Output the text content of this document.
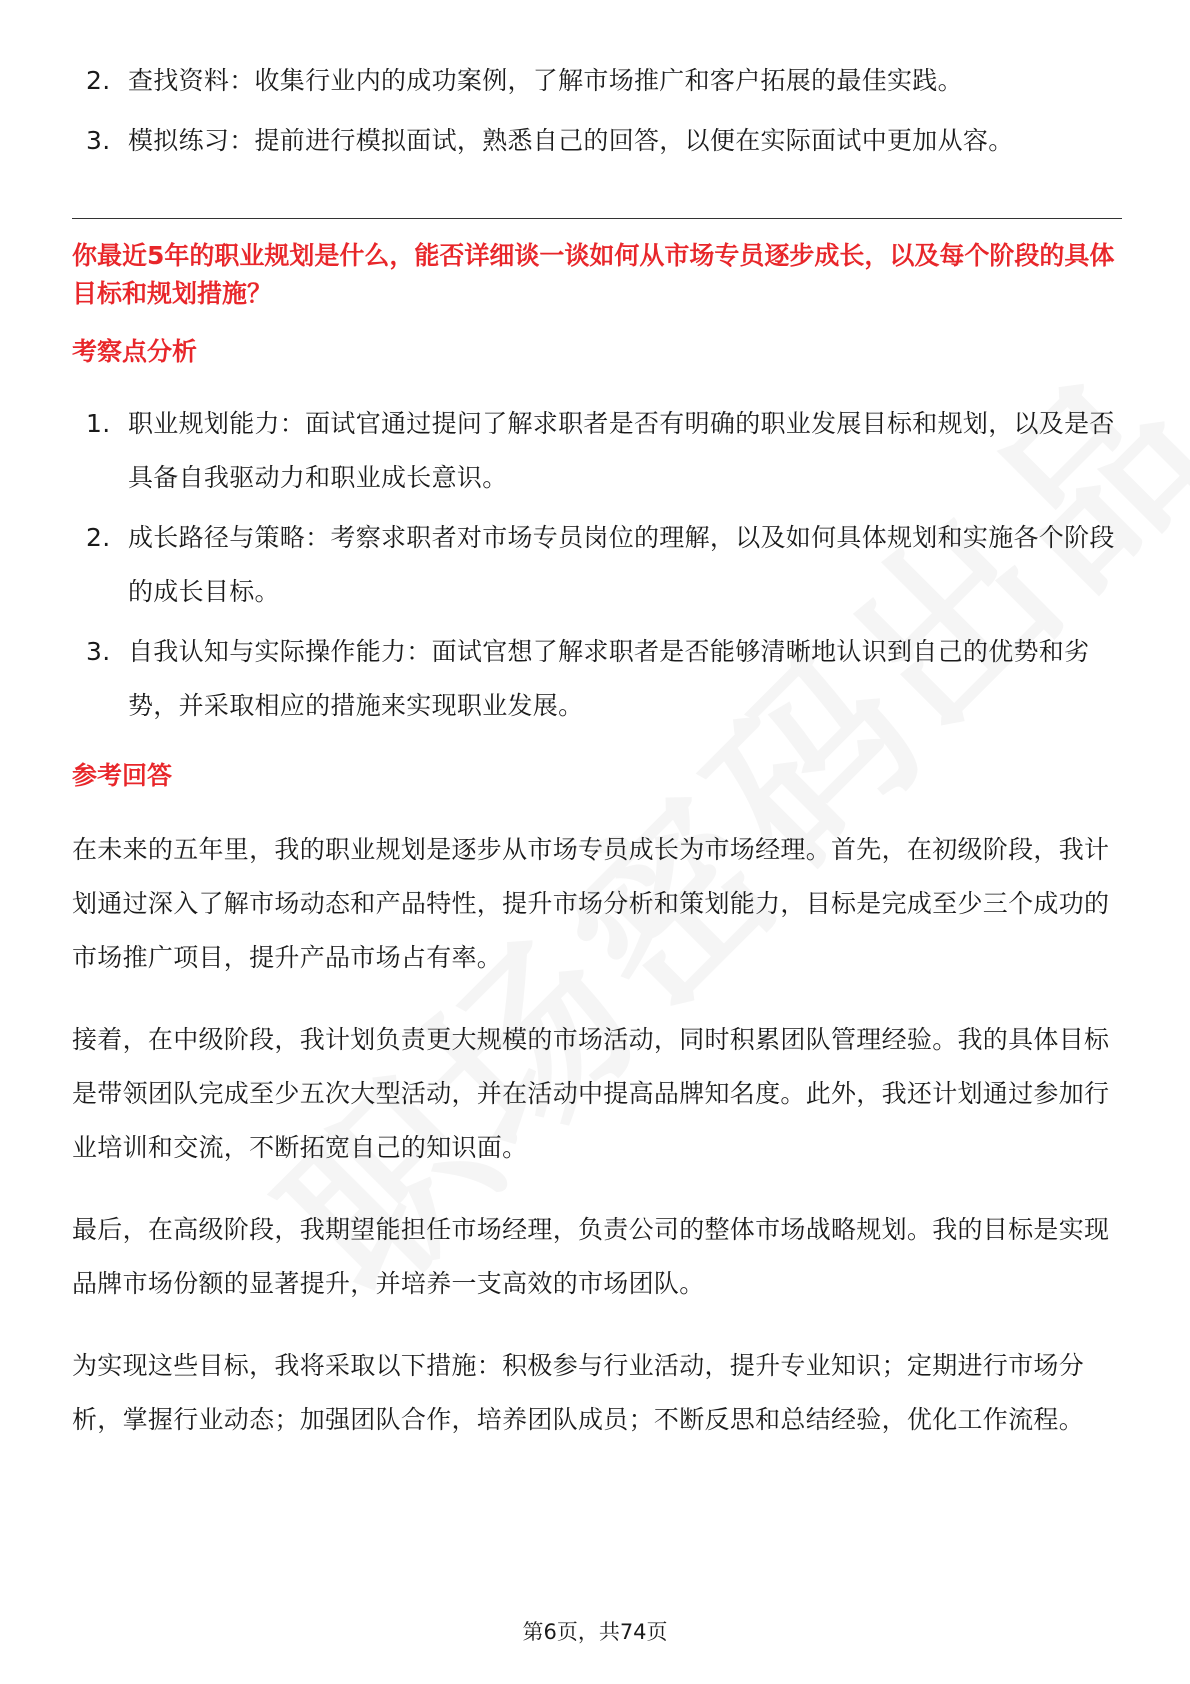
2. 查找资料：收集行业内的成功案例，了解市场推广和客户拓展的最佳实践。
3. 模拟练习：提前进行模拟面试，熟悉自己的回答，以便在实际面试中更加从容。
你最近5年的职业规划是什么，能否详细谈一谈如何从市场专员逐步成长，以及每个阶段的具体目标和规划措施？
考察点分析
1. 职业规划能力：面试官通过提问了解求职者是否有明确的职业发展目标和规划，以及是否具备自我驱动力和职业成长意识。
2. 成长路径与策略：考察求职者对市场专员岗位的理解，以及如何具体规划和实施各个阶段的成长目标。
3. 自我认知与实际操作能力：面试官想了解求职者是否能够清晰地认识到自己的优势和劣势，并采取相应的措施来实现职业发展。
参考回答

在未来的五年里，我的职业规划是逐步从市场专员成长为市场经理。首先，在初级阶段，我计划通过深入了解市场动态和产品特性，提升市场分析和策划能力，目标是完成至少三个成功的市场推广项目，提升产品市场占有率。

接着，在中级阶段，我计划负责更大规模的市场活动，同时积累团队管理经验。我的具体目标是带领团队完成至少五次大型活动，并在活动中提高品牌知名度。此外，我还计划通过参加行业培训和交流，不断拓宽自己的知识面。

最后，在高级阶段，我期望能担任市场经理，负责公司的整体市场战略规划。我的目标是实现品牌市场份额的显著提升，并培养一支高效的市场团队。

为实现这些目标，我将采取以下措施：积极参与行业活动，提升专业知识；定期进行市场分析，掌握行业动态；加强团队合作，培养团队成员；不断反思和总结经验，优化工作流程。

第6页，共74页
